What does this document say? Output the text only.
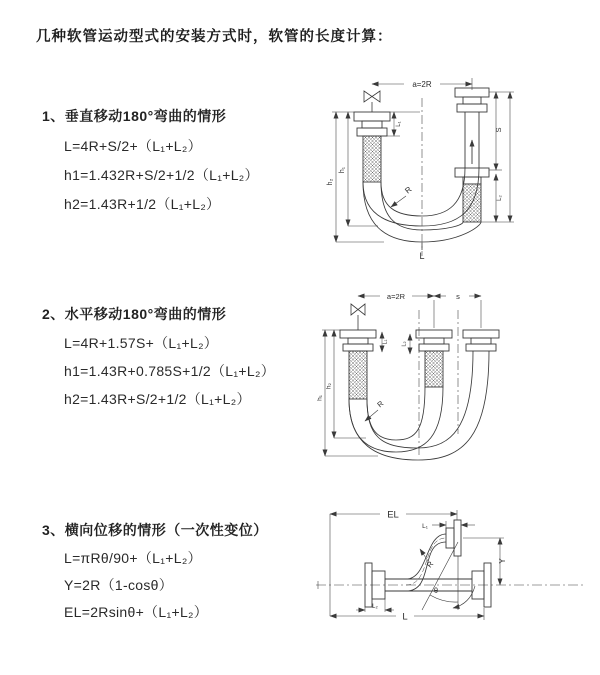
几种软管运动型式的安装方式时，软管的长度计算：
1、垂直移动180°弯曲的情形
L=4R+S/2+（L₁+L₂）
h1=1.432R+S/2+1/2（L₁+L₂）
h2=1.43R+1/2（L₁+L₂）
2、水平移动180°弯曲的情形
L=4R+1.57S+（L₁+L₂）
h1=1.43R+0.785S+1/2（L₁+L₂）
h2=1.43R+S/2+1/2（L₁+L₂）
3、横向位移的情形（一次性变位）
L=πRθ/90+（L₁+L₂）
Y=2R（1-cosθ）
EL=2Rsinθ+（L₁+L₂）
a=2R
R
h₁
h₂
L₁
S
L₂
L
a=2R	s
R
h₂
h₁
L₁ L₂
EL
L₁
Y
θ
R
L₂
L
